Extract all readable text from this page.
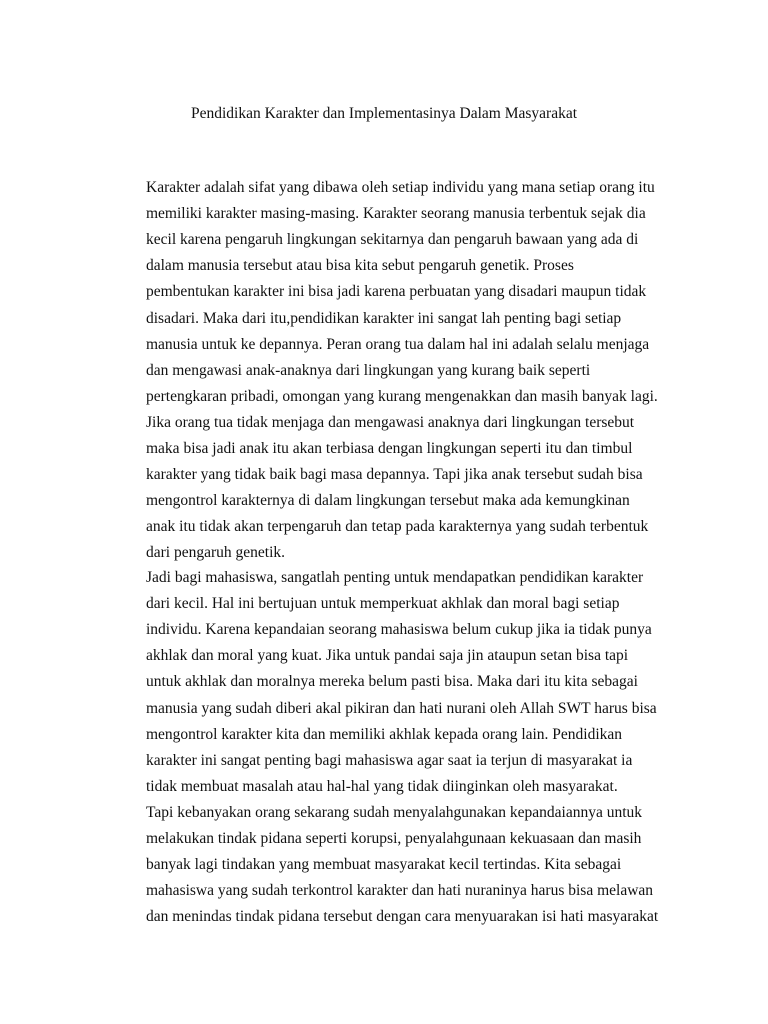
Pendidikan Karakter dan Implementasinya Dalam Masyarakat

Karakter adalah sifat yang dibawa oleh setiap individu yang mana setiap orang itu

memiliki karakter masing-masing. Karakter seorang manusia terbentuk sejak dia

kecil karena pengaruh lingkungan sekitarnya dan pengaruh bawaan yang ada di

dalam manusia tersebut atau bisa kita sebut pengaruh genetik. Proses

pembentukan karakter ini bisa jadi karena perbuatan yang disadari maupun tidak

disadari. Maka dari itu,pendidikan karakter ini sangat lah penting bagi setiap

manusia untuk ke depannya. Peran orang tua dalam hal ini adalah selalu menjaga

dan mengawasi anak-anaknya dari lingkungan yang kurang baik seperti

pertengkaran pribadi, omongan yang kurang mengenakkan dan masih banyak lagi.

Jika orang tua tidak menjaga dan mengawasi anaknya dari lingkungan tersebut

maka bisa jadi anak itu akan terbiasa dengan lingkungan seperti itu dan timbul

karakter yang tidak baik bagi masa depannya. Tapi jika anak tersebut sudah bisa

mengontrol karakternya di dalam lingkungan tersebut maka ada kemungkinan

anak itu tidak akan terpengaruh dan tetap pada karakternya yang sudah terbentuk

dari pengaruh genetik.

Jadi bagi mahasiswa, sangatlah penting untuk mendapatkan pendidikan karakter

dari kecil. Hal ini bertujuan untuk memperkuat akhlak dan moral bagi setiap

individu. Karena kepandaian seorang mahasiswa belum cukup jika ia tidak punya

akhlak dan moral yang kuat. Jika untuk pandai saja jin ataupun setan bisa tapi

untuk akhlak dan moralnya mereka belum pasti bisa. Maka dari itu kita sebagai

manusia yang sudah diberi akal pikiran dan hati nurani oleh Allah SWT harus bisa

mengontrol karakter kita dan memiliki akhlak kepada orang lain. Pendidikan

karakter ini sangat penting bagi mahasiswa agar saat ia terjun di masyarakat ia

tidak membuat masalah atau hal-hal yang tidak diinginkan oleh masyarakat.

Tapi kebanyakan orang sekarang sudah menyalahgunakan kepandaiannya untuk

melakukan tindak pidana seperti korupsi, penyalahgunaan kekuasaan dan masih

banyak lagi tindakan yang membuat masyarakat kecil tertindas. Kita sebagai

mahasiswa yang sudah terkontrol karakter dan hati nuraninya harus bisa melawan

dan menindas tindak pidana tersebut dengan cara menyuarakan isi hati masyarakat
